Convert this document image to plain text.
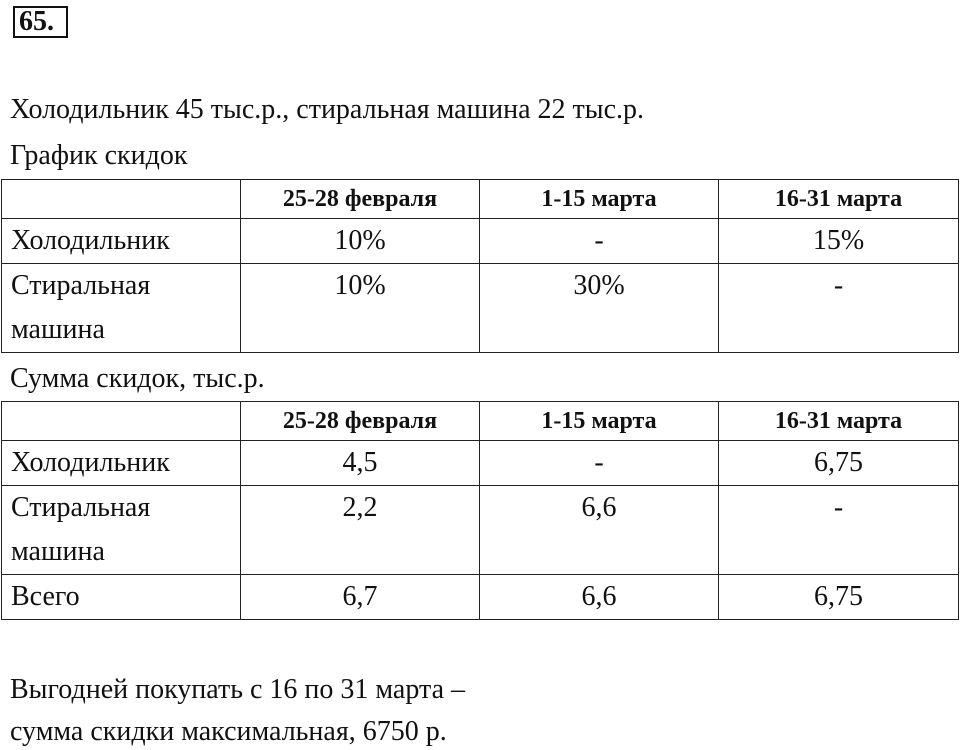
65.
Холодильник 45 тыс.р., стиральная машина 22 тыс.р.
График скидок
	25-28 февраля	1-15 марта	16-31 марта
Холодильник	10%	-	15%
Стиральная машина	10%	30%	-
Сумма скидок, тыс.р.
	25-28 февраля	1-15 марта	16-31 марта
Холодильник	4,5	-	6,75
Стиральная машина	2,2	6,6	-
Всего	6,7	6,6	6,75
Выгодней покупать с 16 по 31 марта –
сумма скидки максимальная, 6750 р.
